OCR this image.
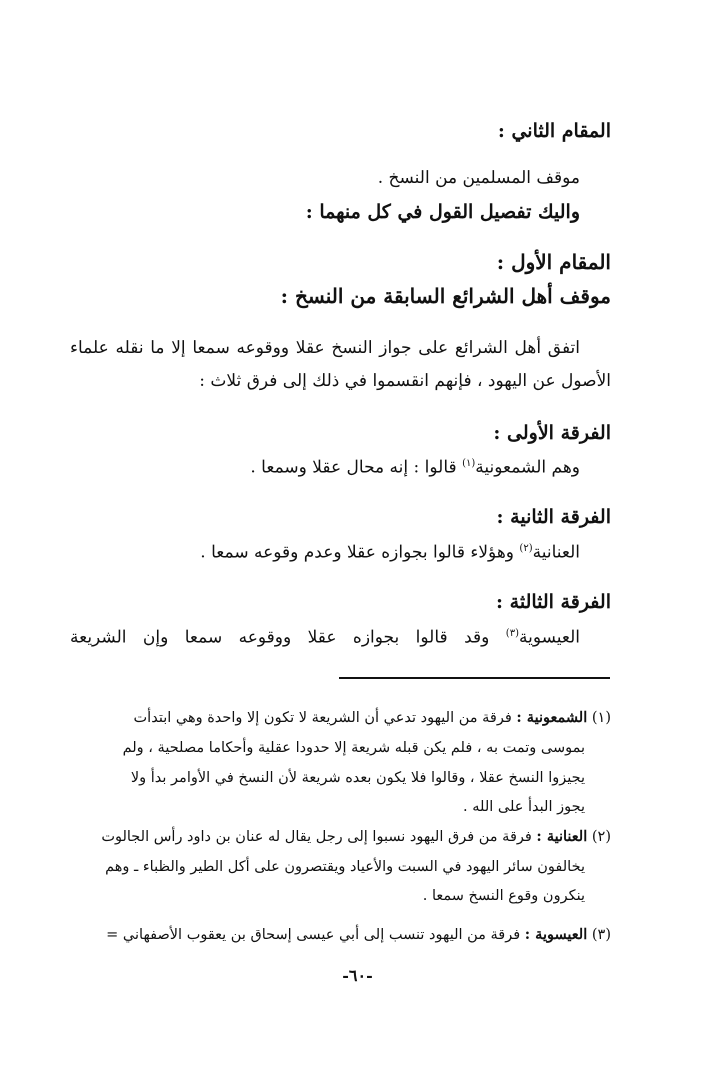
المقام الثاني :
موقف المسلمين من النسخ .
واليك تفصيل القول في كل منهما :
المقام الأول :
موقف أهل الشرائع السابقة من النسخ :
اتفق أهل الشرائع على جواز النسخ عقلا ووقوعه سمعا إلا ما نقله علماء
الأصول عن اليهود ، فإنهم انقسموا في ذلك إلى فرق ثلاث :
الفرقة الأولى :
وهم الشمعونية$^{(١)}$ قالوا : إنه محال عقلا وسمعا .
الفرقة الثانية :
العنانية$^{(٢)}$ وهؤلاء قالوا بجوازه عقلا وعدم وقوعه سمعا .
الفرقة الثالثة :
العيسوية$^{(٣)}$ وقد قالوا بجوازه عقلا ووقوعه سمعا وإن الشريعة
(١) الشمعونية : فرقة من اليهود تدعي أن الشريعة لا تكون إلا واحدة وهي ابتدأت
بموسى وتمت به ، فلم يكن قبله شريعة إلا حدودا عقلية وأحكاما مصلحية ، ولم
يجيزوا النسخ عقلا ، وقالوا فلا يكون بعده شريعة لأن النسخ في الأوامر بدأ ولا
يجوز البدأ على الله .
(٢) العنانية : فرقة من فرق اليهود نسبوا إلى رجل يقال له عنان بن داود رأس الجالوت
يخالفون سائر اليهود في السبت والأعياد ويقتصرون على أكل الطير والظباء ـ وهم
ينكرون وقوع النسخ سمعا .
(٣) العيسوية : فرقة من اليهود تنسب إلى أبي عيسى إسحاق بن يعقوب الأصفهاني =
-٦٠-
